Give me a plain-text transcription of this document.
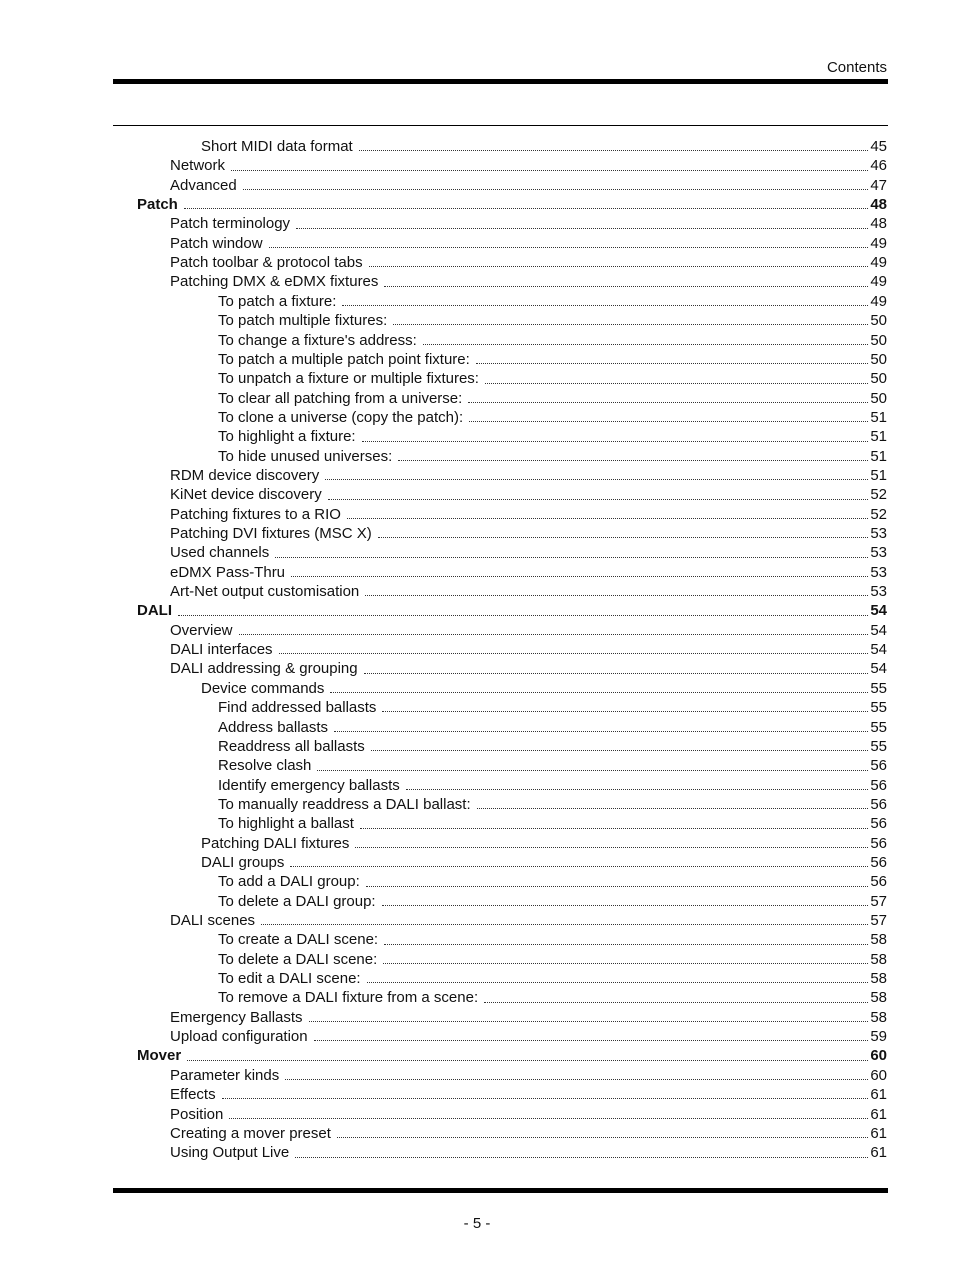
Contents
Short MIDI data format	45
Network	46
Advanced	47
Patch	48
Patch terminology	48
Patch window	49
Patch toolbar & protocol tabs	49
Patching DMX & eDMX fixtures	49
To patch a fixture:	49
To patch multiple fixtures:	50
To change a fixture's address:	50
To patch a multiple patch point fixture:	50
To unpatch a fixture or multiple fixtures:	50
To clear all patching from a universe:	50
To clone a universe (copy the patch):	51
To highlight a fixture:	51
To hide unused universes:	51
RDM device discovery	51
KiNet device discovery	52
Patching fixtures to a RIO	52
Patching DVI fixtures (MSC X)	53
Used channels	53
eDMX Pass-Thru	53
Art-Net output customisation	53
DALI	54
Overview	54
DALI interfaces	54
DALI addressing & grouping	54
Device commands	55
Find addressed ballasts	55
Address ballasts	55
Readdress all ballasts	55
Resolve clash	56
Identify emergency ballasts	56
To manually readdress a DALI ballast:	56
To highlight a ballast	56
Patching DALI fixtures	56
DALI groups	56
To add a DALI group:	56
To delete a DALI group:	57
DALI scenes	57
To create a DALI scene:	58
To delete a DALI scene:	58
To edit a DALI scene:	58
To remove a DALI fixture from a scene:	58
Emergency Ballasts	58
Upload configuration	59
Mover	60
Parameter kinds	60
Effects	61
Position	61
Creating a mover preset	61
Using Output Live	61
- 5 -
